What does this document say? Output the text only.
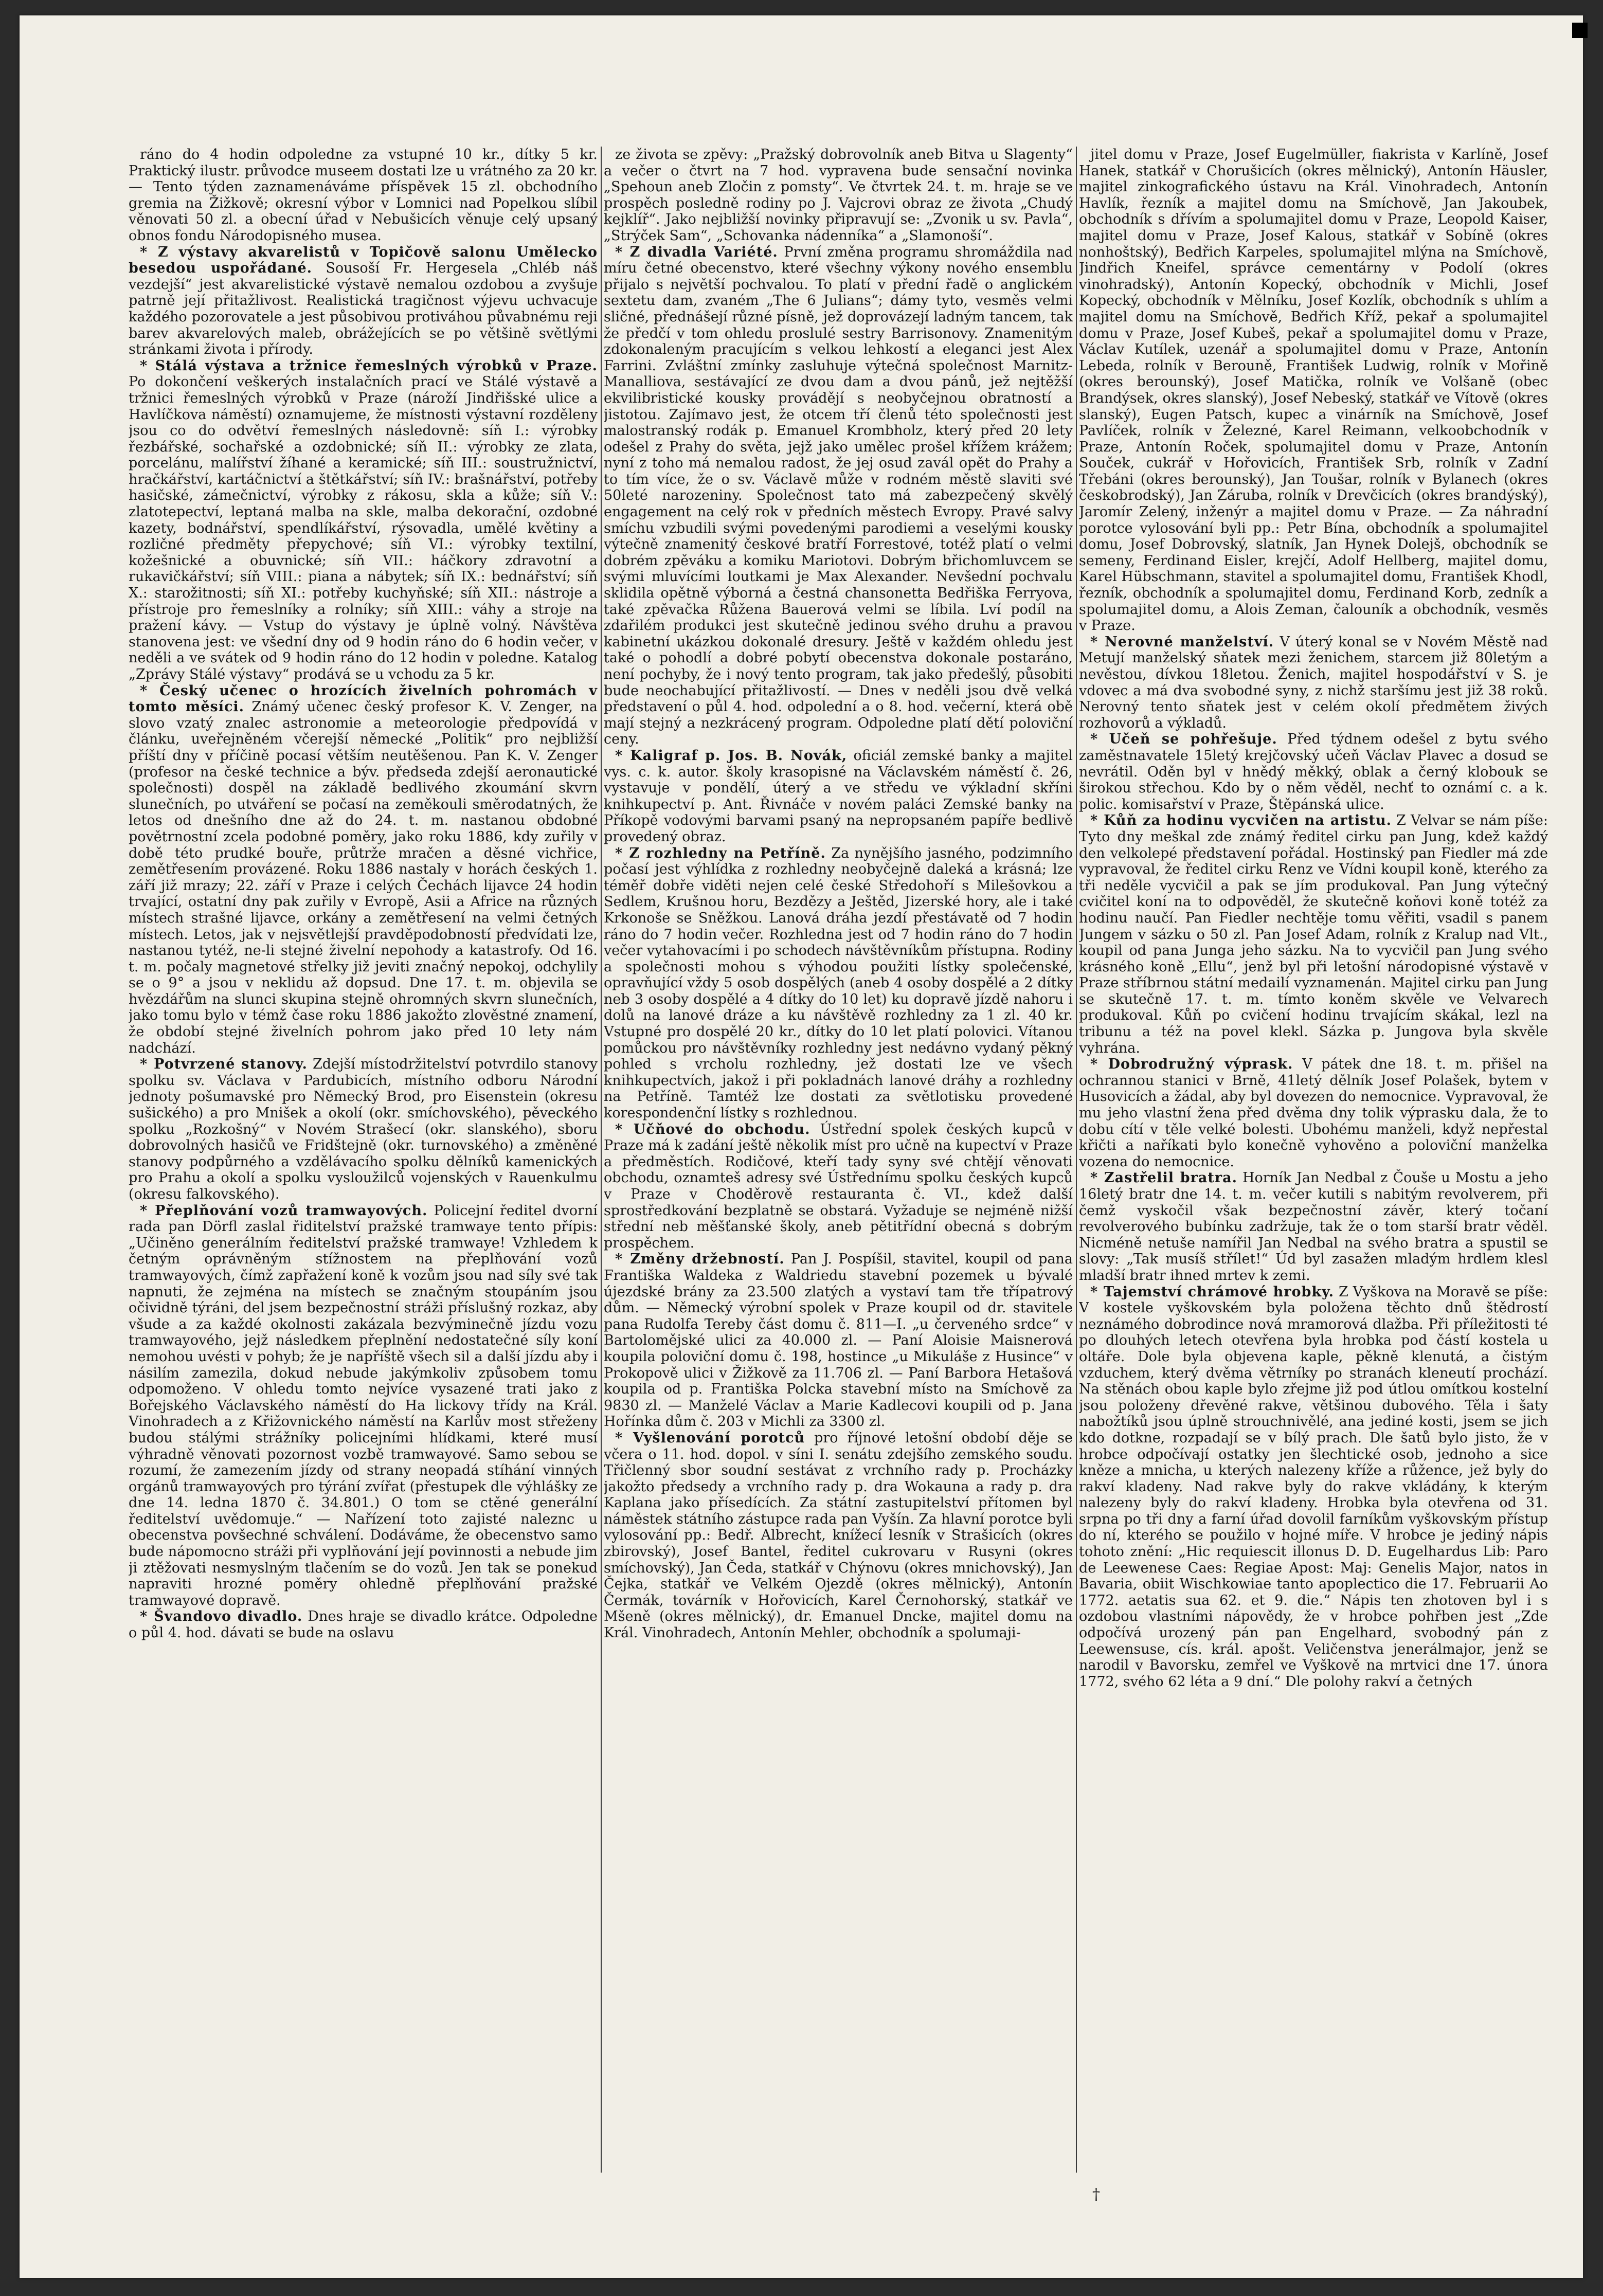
ráno do 4 hodin odpoledne za vstupné 10 kr., dítky 5 kr. Praktický ilustr. průvodce museem dostati lze u vrátného za 20 kr. — Tento týden zaznamenáváme příspěvek 15 zl. obchodního gremia na Žižkově; okresní výbor v Lomnici nad Popelkou slíbil věnovati 50 zl. a obecní úřad v Nebušicích věnuje celý upsaný obnos fondu Národopisného musea.

* Z výstavy akvarelistů v Topičově salonu Umělecko besedou uspořádané. Sousoší Fr. Hergesela „Chléb náš vezdejší“ jest akvarelistické výstavě nemalou ozdobou a zvyšuje patrně její přitažlivost. Realistická tragičnost výjevu uchvacuje každého pozorovatele a jest působivou protiváhou půvabnému reji barev akvarelových maleb, obrážejících se po většině světlými stránkami života i přírody.

* Stálá výstava a tržnice řemeslných výrobků v Praze. Po dokončení veškerých instalačních prací ve Stálé výstavě a tržnici řemeslných výrobků v Praze (nároží Jindřišské ulice a Havlíčkova náměstí) oznamujeme, že místnosti výstavní rozděleny jsou co do odvětví řemeslných následovně: síň I.: výrobky řezbářské, sochařské a ozdobnické; síň II.: výrobky ze zlata, porcelánu, malířství žíhané a keramické; síň III.: soustružnictví, hračkářství, kartáčnictví a štětkářství; síň IV.: brašnářství, potřeby hasičské, zámečnictví, výrobky z rákosu, skla a kůže; síň V.: zlatotepectví, leptaná malba na skle, malba dekorační, ozdobné kazety, bodnářství, spendlíkářství, rýsovadla, umělé květiny a rozličné předměty přepychové; síň VI.: výrobky textilní, kožešnické a obuvnické; síň VII.: háčkory zdravotní a rukavičkářství; síň VIII.: piana a nábytek; síň IX.: bednářství; síň X.: starožitnosti; síň XI.: potřeby kuchyňské; síň XII.: nástroje a přístroje pro řemeslníky a rolníky; síň XIII.: váhy a stroje na pražení kávy. — Vstup do výstavy je úplně volný. Návštěva stanovena jest: ve všední dny od 9 hodin ráno do 6 hodin večer, v neděli a ve svátek od 9 hodin ráno do 12 hodin v poledne. Katalog „Zprávy Stálé výstavy“ prodává se u vchodu za 5 kr.

* Český učenec o hrozících živelních pohromách v tomto měsíci. Známý učenec český profesor K. V. Zenger, na slovo vzatý znalec astronomie a meteorologie předpovídá v článku, uveřejněném včerejší německé „Politik“ pro nejbližší příští dny v příčině pocasí větším neutěšenou. Pan K. V. Zenger (profesor na české technice a býv. předseda zdejší aeronautické společnosti) dospěl na základě bedlivého zkoumání skvrn slunečních, po utváření se počasí na zeměkouli směrodatných, že letos od dnešního dne až do 24. t. m. nastanou obdobné povětrnostní zcela podobné poměry, jako roku 1886, kdy zuřily v době této prudké bouře, průtrže mračen a děsné vichřice, zemětřesením provázené. Roku 1886 nastaly v horách českých 1. září již mrazy; 22. září v Praze i celých Čechách lijavce 24 hodin trvající, ostatní dny pak zuřily v Evropě, Asii a Africe na různých místech strašné lijavce, orkány a zemětřesení na velmi četných místech. Letos, jak v nejsvětlejší pravděpodobností předvídati lze, nastanou tytéž, ne-li stejné živelní nepohody a katastrofy. Od 16. t. m. počaly magnetové střelky již jeviti značný nepokoj, odchylily se o 9° a jsou v neklidu až dopsud. Dne 17. t. m. objevila se hvězdářům na slunci skupina stejně ohromných skvrn slunečních, jako tomu bylo v témž čase roku 1886 jakožto zlověstné znamení, že období stejné živelních pohrom jako před 10 lety nám nadchází.

* Potvrzené stanovy. Zdejší místodržitelství potvrdilo stanovy spolku sv. Václava v Pardubicích, místního odboru Národní jednoty pošumavské pro Německý Brod, pro Eisenstein (okresu sušického) a pro Mnišek a okolí (okr. smíchovského), pěveckého spolku „Rozkošný“ v Novém Strašecí (okr. slanského), sboru dobrovolných hasičů ve Fridštejně (okr. turnovského) a změněné stanovy podpůrného a vzdělávacího spolku dělníků kamenických pro Prahu a okolí a spolku vysloužilců vojenských v Rauenkulmu (okresu falkovského).

* Přeplňování vozů tramwayových. Policejní ředitel dvorní rada pan Dörfl zaslal řiditelství pražské tramwaye tento přípis: „Učiněno generálním ředitelství pražské tramwaye! Vzhledem k četným oprávněným stížnostem na přeplňování vozů tramwayových, čímž zapřažení koně k vozům jsou nad síly své tak napnuti, že zejména na místech se značným stoupáním jsou očividně týráni, del jsem bezpečnostní stráži příslušný rozkaz, aby všude a za každé okolnosti zakázala bezvýminečně jízdu vozu tramwayového, jejž následkem přeplnění nedostatečné síly koní nemohou uvésti v pohyb; že je napříště všech sil a další jízdu aby i násilím zamezila, dokud nebude jakýmkoliv způsobem tomu odpomoženo. V ohledu tomto nejvíce vysazené trati jako z Bořejského Václavského náměstí do Ha lickovy třídy na Král. Vinohradech a z Křižovnického náměstí na Karlův most střeženy budou stálými strážníky policejními hlídkami, které musí výhradně věnovati pozornost vozbě tramwayové. Samo sebou se rozumí, že zamezením jízdy od strany neopadá stíhání vinných orgánů tramwayových pro týrání zvířat (přestupek dle výhlášky ze dne 14. ledna 1870 č. 34.801.) O tom se ctěné generální ředitelství uvědomuje.“ — Nařízení toto zajisté naleznc u obecenstva povšechné schválení. Dodáváme, že obecenstvo samo bude nápomocno stráži při vyplňování její povinnosti a nebude jim ji ztěžovati nesmyslným tlačením se do vozů. Jen tak se ponekud napraviti hrozné poměry ohledně přeplňování pražské tramwayové dopravě.

* Švandovo divadlo. Dnes hraje se divadlo krátce. Odpoledne o půl 4. hod. dávati se bude na oslavu

ze života se zpěvy: „Pražský dobrovolník aneb Bitva u Slagenty“ a večer o čtvrt na 7 hod. vypravena bude sensační novinka „Spehoun aneb Zločin z pomsty“. Ve čtvrtek 24. t. m. hraje se ve prospěch posledně rodiny po J. Vajcrovi obraz ze života „Chudý kejklíř“. Jako nejbližší novinky připravují se: „Zvonik u sv. Pavla“, „Strýček Sam“, „Schovanka nádenníka“ a „Slamonoší“.

* Z divadla Variété. První změna programu shromáždila nad míru četné obecenstvo, které všechny výkony nového ensemblu přijalo s největší pochvalou. To platí v přední řadě o anglickém sextetu dam, zvaném „The 6 Julians“; dámy tyto, vesměs velmi sličné, přednášejí různé písně, jež doprovázejí ladným tancem, tak že předčí v tom ohledu proslulé sestry Barrisonovy. Znamenitým zdokonaleným pracujícím s velkou lehkostí a eleganci jest Alex Farrini. Zvláštní zmínky zasluhuje výtečná společnost Marnitz-Manalliova, sestávající ze dvou dam a dvou pánů, jež nejtěžší ekvilibristické kousky provádějí s neobyčejnou obratností a jistotou. Zajímavo jest, že otcem tří členů této společnosti jest malostranský rodák p. Emanuel Krombholz, který před 20 lety odešel z Prahy do světa, jejž jako umělec prošel křížem krážem; nyní z toho má nemalou radost, že jej osud zavál opět do Prahy a to tím více, že o sv. Václavě může v rodném městě slaviti své 50leté narozeniny. Společnost tato má zabezpečený skvělý engagement na celý rok v předních městech Evropy. Pravé salvy smíchu vzbudili svými povedenými parodiemi a veselými kousky výtečně znamenitý českové bratří Forrestové, totéž platí o velmi dobrém zpěváku a komiku Mariotovi. Dobrým břichomluvcem se svými mluvícími loutkami je Max Alexander. Nevšední pochvalu sklidila opětně výborná a čestná chansonetta Bedřiška Ferryova, také zpěvačka Růžena Bauerová velmi se líbila. Lví podíl na zdařilém produkci jest skutečně jedinou svého druhu a pravou kabinetní ukázkou dokonalé dresury. Ještě v každém ohledu jest také o pohodlí a dobré pobytí obecenstva dokonale postaráno, není pochyby, že i nový tento program, tak jako předešlý, působiti bude neochabující přitažlivostí. — Dnes v neděli jsou dvě velká představení o půl 4. hod. odpolední a o 8. hod. večerní, která obě mají stejný a nezkrácený program. Odpoledne platí dětí poloviční ceny.

* Kaligraf p. Jos. B. Novák, oficiál zemské banky a majitel vys. c. k. autor. školy krasopisné na Václavském náměstí č. 26, vystavuje v pondělí, úterý a ve středu ve výkladní skříni knihkupectví p. Ant. Řivnáče v novém paláci Zemské banky na Příkopě vodovými barvami psaný na nepropsaném papíře bedlivě provedený obraz.

* Z rozhledny na Petříně. Za nynějšího jasného, podzimního počasí jest výhlídka z rozhledny neobyčejně daleká a krásná; lze téměř dobře viděti nejen celé české Středohoří s Milešovkou a Sedlem, Krušnou horu, Bezdězy a Ještěd, Jizerské hory, ale i také Krkonoše se Sněžkou. Lanová dráha jezdí přestávatě od 7 hodin ráno do 7 hodin večer. Rozhledna jest od 7 hodin ráno do 7 hodin večer vytahovacími i po schodech návštěvníkům přístupna. Rodiny a společnosti mohou s výhodou použiti lístky společenské, opravňující vždy 5 osob dospělých (aneb 4 osoby dospělé a 2 dítky neb 3 osoby dospělé a 4 dítky do 10 let) ku dopravě jízdě nahoru i dolů na lanové dráze a ku návštěvě rozhledny za 1 zl. 40 kr. Vstupné pro dospělé 20 kr., dítky do 10 let platí polovici. Vítanou pomůckou pro návštěvníky rozhledny jest nedávno vydaný pěkný pohled s vrcholu rozhledny, jež dostati lze ve všech knihkupectvích, jakož i při pokladnách lanové dráhy a rozhledny na Petříně. Tamtéž lze dostati za světlotisku provedené korespondenční lístky s rozhlednou.

* Učňové do obchodu. Ústřední spolek českých kupců v Praze má k zadání ještě několik míst pro učně na kupectví v Praze a předměstích. Rodičové, kteří tady syny své chtějí věnovati obchodu, oznamteš adresy své Ústřednímu spolku českých kupců v Praze v Choděrově restauranta č. VI., kdež další sprostředkování bezplatně se obstará. Vyžaduje se nejméně nižší střední neb měšťanské školy, aneb pětitřídní obecná s dobrým prospěchem.

* Změny držebností. Pan J. Pospíšil, stavitel, koupil od pana Františka Waldeka z Waldriedu stavební pozemek u bývalé újezdské brány za 23.500 zlatých a vystaví tam tře třípatrový dům. — Německý výrobní spolek v Praze koupil od dr. stavitele pana Rudolfa Tereby část domu č. 811—I. „u červeného srdce“ v Bartolomějské ulici za 40.000 zl. — Paní Aloisie Maisnerová koupila poloviční domu č. 198, hostince „u Mikuláše z Husince“ v Prokopově ulici v Žižkově za 11.706 zl. — Paní Barbora Hetašová koupila od p. Františka Polcka stavební místo na Smíchově za 9830 zl. — Manželé Václav a Marie Kadlecovi koupili od p. Jana Hořínka dům č. 203 v Michli za 3300 zl.

* Vyšlenování porotců pro říjnové letošní období děje se včera o 11. hod. dopol. v síni I. senátu zdejšího zemského soudu. Třičlenný sbor soudní sestávat z vrchního rady p. Procházky jakožto předsedy a vrchního rady p. dra Wokauna a rady p. dra Kaplana jako přísedících. Za státní zastupitelství přítomen byl náměstek státního zástupce rada pan Vyšín. Za hlavní porotce byli vylosování pp.: Bedř. Albrecht, knížecí lesník v Strašicích (okres zbirovský), Josef Bantel, ředitel cukrovaru v Rusyni (okres smíchovský), Jan Čeda, statkář v Chýnovu (okres mnichovský), Jan Čejka, statkář ve Velkém Ojezdě (okres mělnický), Antonín Čermák, továrník v Hořovicích, Karel Černohorský, statkář ve Mšeně (okres mělnický), dr. Emanuel Dncke, majitel domu na Král. Vinohradech, Antonín Mehler, obchodník a spolumaji-

jitel domu v Praze, Josef Eugelmüller, fiakrista v Karlíně, Josef Hanek, statkář v Chorušicích (okres mělnický), Antonín Häusler, majitel zinkografického ústavu na Král. Vinohradech, Antonín Havlík, řezník a majitel domu na Smíchově, Jan Jakoubek, obchodník s dřívím a spolumajitel domu v Praze, Leopold Kaiser, majitel domu v Praze, Josef Kalous, statkář v Sobíně (okres nonhoštský), Bedřich Karpeles, spolumajitel mlýna na Smíchově, Jindřich Kneifel, správce cementárny v Podolí (okres vinohradský), Antonín Kopecký, obchodník v Michli, Josef Kopecký, obchodník v Mělníku, Josef Kozlík, obchodník s uhlím a majitel domu na Smíchově, Bedřich Kříž, pekař a spolumajitel domu v Praze, Josef Kubeš, pekař a spolumajitel domu v Praze, Václav Kutílek, uzenář a spolumajitel domu v Praze, Antonín Lebeda, rolník v Berouně, František Ludwig, rolník v Mořině (okres berounský), Josef Matička, rolník ve Volšaně (obec Brandýsek, okres slanský), Josef Nebeský, statkář ve Vítově (okres slanský), Eugen Patsch, kupec a vinárník na Smíchově, Josef Pavlíček, rolník v Železné, Karel Reimann, velkoobchodník v Praze, Antonín Roček, spolumajitel domu v Praze, Antonín Souček, cukrář v Hořovicích, František Srb, rolník v Zadní Třebáni (okres berounský), Jan Toušar, rolník v Bylanech (okres českobrodský), Jan Záruba, rolník v Drevčicích (okres brandýský), Jaromír Zelený, inženýr a majitel domu v Praze. — Za náhradní porotce vylosování byli pp.: Petr Bína, obchodník a spolumajitel domu, Josef Dobrovský, slatník, Jan Hynek Dolejš, obchodník se semeny, Ferdinand Eisler, krejčí, Adolf Hellberg, majitel domu, Karel Hübschmann, stavitel a spolumajitel domu, František Khodl, řezník, obchodník a spolumajitel domu, Ferdinand Korb, zedník a spolumajitel domu, a Alois Zeman, čalouník a obchodník, vesměs v Praze.

* Nerovné manželství. V úterý konal se v Novém Městě nad Metují manželský sňatek mezi ženichem, starcem již 80letým a nevěstou, dívkou 18letou. Ženich, majitel hospodářství v S. je vdovec a má dva svobodné syny, z nichž staršímu jest již 38 roků. Nerovný tento sňatek jest v celém okolí předmětem živých rozhovorů a výkladů.

* Učeň se pohřešuje. Před týdnem odešel z bytu svého zaměstnavatele 15letý krejčovský učeň Václav Plavec a dosud se nevrátil. Oděn byl v hnědý měkký, oblak a černý klobouk se širokou střechou. Kdo by o něm věděl, nechť to oznámí c. a k. polic. komisařství v Praze, Štěpánská ulice.

* Kůň za hodinu vycvičen na artistu. Z Velvar se nám píše: Tyto dny meškal zde známý ředitel cirku pan Jung, kdež každý den velkolepé představení pořádal. Hostinský pan Fiedler má zde vypravoval, že ředitel cirku Renz ve Vídni koupil koně, kterého za tři neděle vycvičil a pak se jím produkoval. Pan Jung výtečný cvičitel koní na to odpověděl, že skutečně koňovi koně totéž za hodinu naučí. Pan Fiedler nechtěje tomu věřiti, vsadil s panem Jungem v sázku o 50 zl. Pan Josef Adam, rolník z Kralup nad Vlt., koupil od pana Junga jeho sázku. Na to vycvičil pan Jung svého krásného koně „Ellu“, jenž byl při letošní národopisné výstavě v Praze stříbrnou státní medailí vyznamenán. Majitel cirku pan Jung se skutečně 17. t. m. tímto koněm skvěle ve Velvarech produkoval. Kůň po cvičení hodinu trvajícím skákal, lezl na tribunu a též na povel klekl. Sázka p. Jungova byla skvěle vyhrána.

* Dobrodružný výprask. V pátek dne 18. t. m. přišel na ochrannou stanici v Brně, 41letý dělník Josef Polašek, bytem v Husovicích a žádal, aby byl dovezen do nemocnice. Vypravoval, že mu jeho vlastní žena před dvěma dny tolik výprasku dala, že to dobu cítí v těle velké bolesti. Ubohému manželi, když nepřestal křičti a naříkati bylo konečně vyhověno a poloviční manželka vozena do nemocnice.

* Zastřelil bratra. Horník Jan Nedbal z Čouše u Mostu a jeho 16letý bratr dne 14. t. m. večer kutili s nabitým revolverem, při čemž vyskočil však bezpečnostní závěr, který točaní revolverového bubínku zadržuje, tak že o tom starší bratr věděl. Nicméně netuše namířil Jan Nedbal na svého bratra a spustil se slovy: „Tak musíš střílet!“ Úd byl zasažen mladým hrdlem klesl mladší bratr ihned mrtev k zemi.

* Tajemství chrámové hrobky. Z Vyškova na Moravě se píše: V kostele vyškovském byla položena těchto dnů štědrostí neznámého dobrodince nová mramorová dlažba. Při příležitosti té po dlouhých letech otevřena byla hrobka pod částí kostela u oltáře. Dole byla objevena kaple, pěkně klenutá, a čistým vzduchem, který dvěma větrníky po stranách kleneutí prochází. Na stěnách obou kaple bylo zřejme již pod útlou omítkou kostelní jsou položeny dřevěné rakve, většinou dubového. Těla i šaty nabožtíků jsou úplně strouchnivělé, ana jediné kosti, jsem se jich kdo dotkne, rozpadají se v bílý prach. Dle šatů bylo jisto, že v hrobce odpočívají ostatky jen šlechtické osob, jednoho a sice kněze a mnicha, u kterých nalezeny kříže a růžence, jež byly do rakví kladeny. Nad rakve byly do rakve vkládány, k kterým nalezeny byly do rakví kladeny. Hrobka byla otevřena od 31. srpna po tři dny a farní úřad dovolil farníkům vyškovským přístup do ní, kterého se použilo v hojné míře. V hrobce je jediný nápis tohoto znění: „Hic requiescit illonus D. D. Eugelhardus Lib: Paro de Leewenese Caes: Regiae Apost: Maj: Genelis Major, natos in Bavaria, obiit Wischkowiae tanto apoplectico die 17. Februarii Ao 1772. aetatis sua 62. et 9. die.“ Nápis ten zhotoven byl i s ozdobou vlastními nápovědy, že v hrobce pohřben jest „Zde odpočívá urozený pán pan Engelhard, svobodný pán z Leewensuse, cís. král. apošt. Veličenstva jenerálmajor, jenž se narodil v Bavorsku, zemřel ve Vyškově na mrtvici dne 17. února 1772, svého 62 léta a 9 dní.“ Dle polohy rakví a četných

†
